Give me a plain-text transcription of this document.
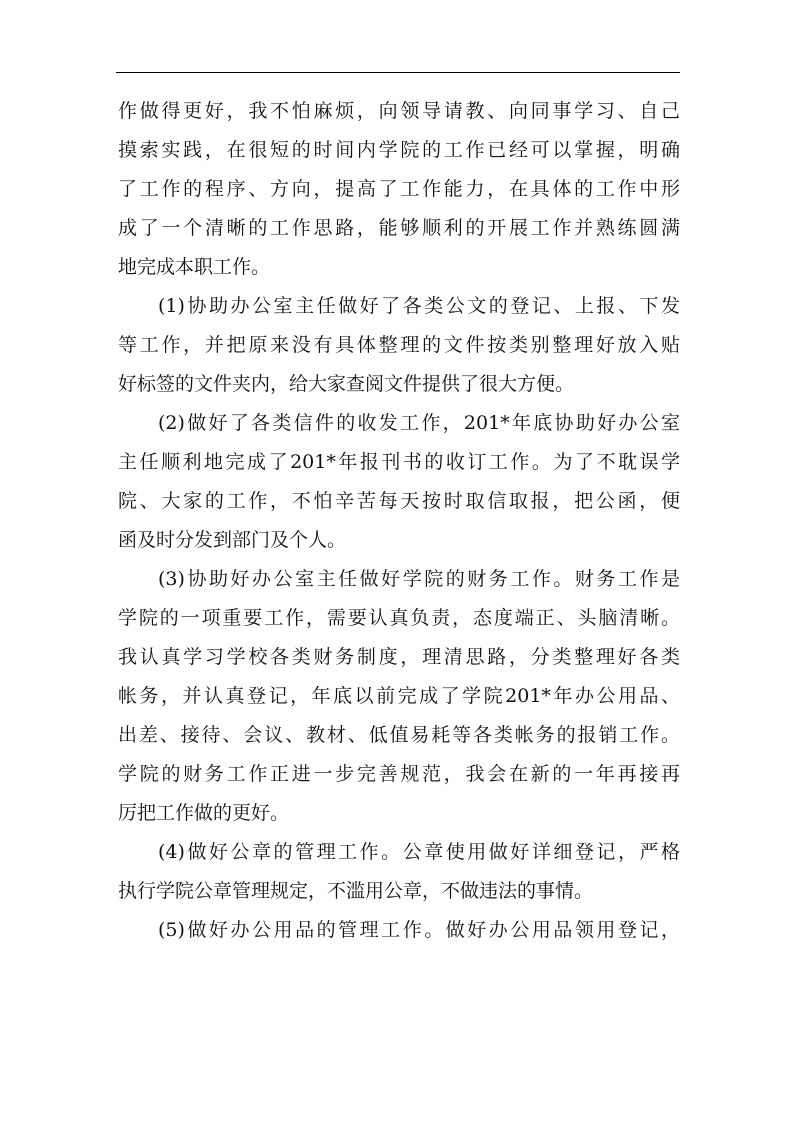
作做得更好，我不怕麻烦，向领导请教、向同事学习、自己
摸索实践，在很短的时间内学院的工作已经可以掌握，明确
了工作的程序、方向，提高了工作能力，在具体的工作中形
成了一个清晰的工作思路，能够顺利的开展工作并熟练圆满
地完成本职工作。
(1)协助办公室主任做好了各类公文的登记、上报、下发
等工作，并把原来没有具体整理的文件按类别整理好放入贴
好标签的文件夹内，给大家查阅文件提供了很大方便。
(2)做好了各类信件的收发工作，201*年底协助好办公室
主任顺利地完成了201*年报刊书的收订工作。为了不耽误学
院、大家的工作，不怕辛苦每天按时取信取报，把公函，便
函及时分发到部门及个人。
(3)协助好办公室主任做好学院的财务工作。财务工作是
学院的一项重要工作，需要认真负责，态度端正、头脑清晰。
我认真学习学校各类财务制度，理清思路，分类整理好各类
帐务，并认真登记，年底以前完成了学院201*年办公用品、
出差、接待、会议、教材、低值易耗等各类帐务的报销工作。
学院的财务工作正进一步完善规范，我会在新的一年再接再
厉把工作做的更好。
(4)做好公章的管理工作。公章使用做好详细登记，严格
执行学院公章管理规定，不滥用公章，不做违法的事情。
(5)做好办公用品的管理工作。做好办公用品领用登记，
